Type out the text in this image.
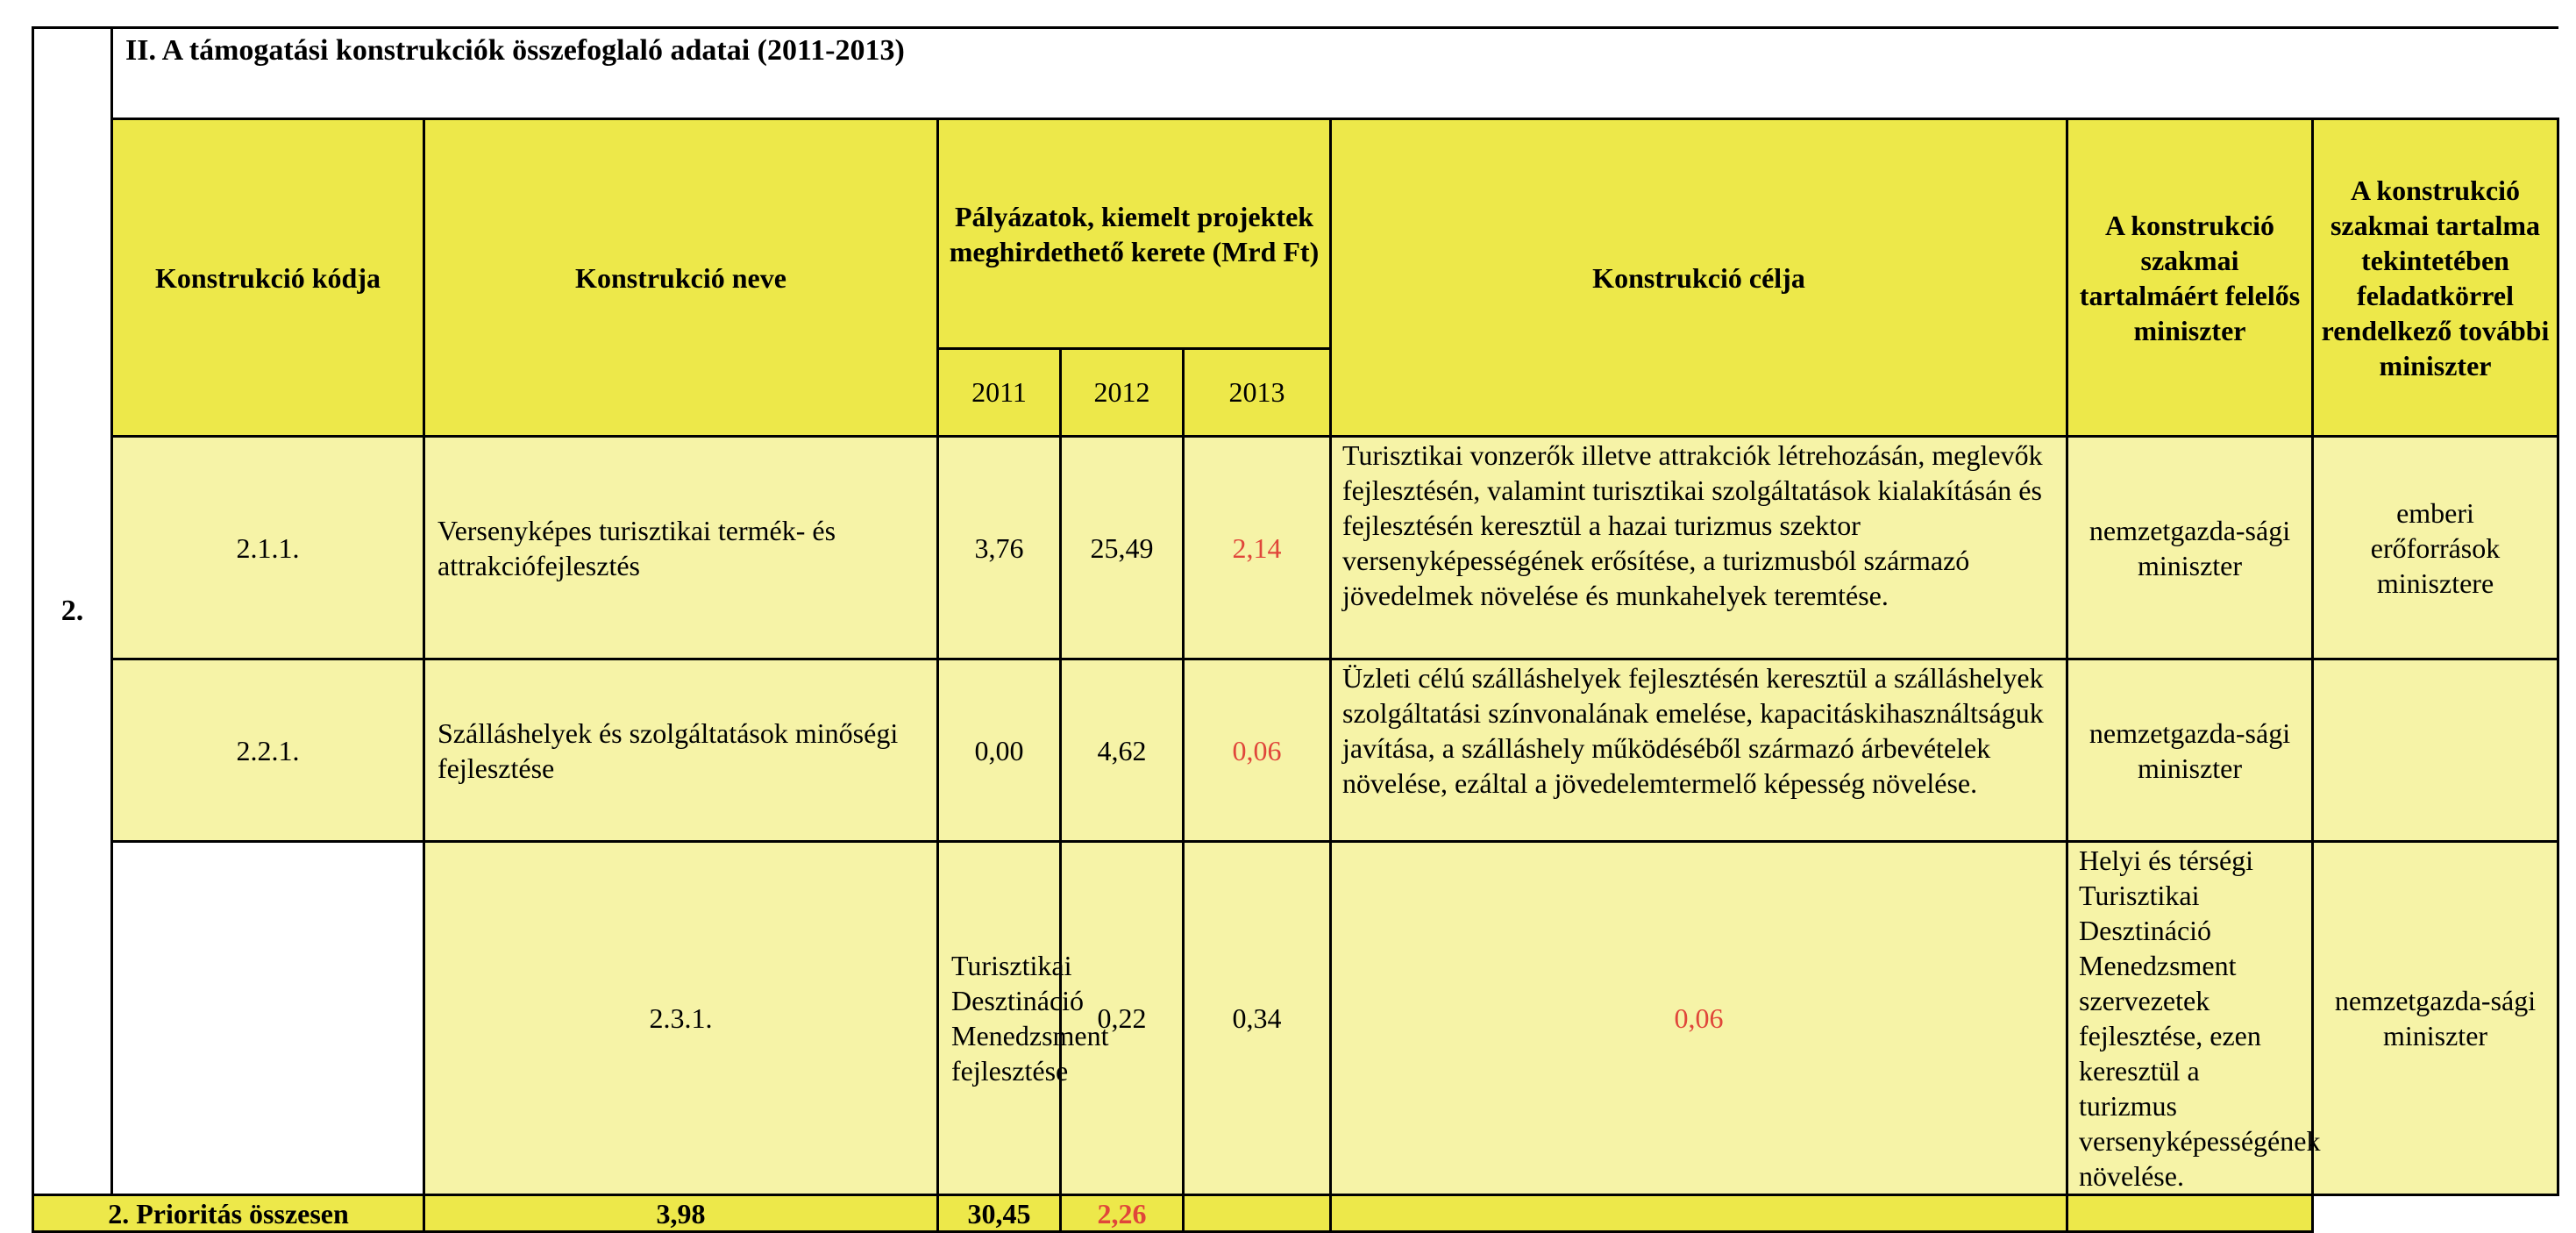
2.	II. A támogatási konstrukciók összefoglaló adatai (2011-2013)								
	Konstrukció kódja	Konstrukció neve	Pályázatok, kiemelt projektek meghirdethető kerete (Mrd Ft)			Konstrukció célja	A konstrukció szakmai tartalmáért felelős miniszter	A konstrukció szakmai tartalma tekintetében feladatkörrel rendelkező további miniszter	
			2011	2012	2013				
	2.1.1.	Versenyképes turisztikai termék- és attrakciófejlesztés	3,76	25,49	2,14	Turisztikai vonzerők illetve attrakciók létrehozásán, meglevők fejlesztésén, valamint turisztikai szolgáltatások kialakításán és fejlesztésén keresztül a hazai turizmus szektor versenyképességének erősítése, a turizmusból származó jövedelmek növelése és munkahelyek teremtése.	nemzetgazda-sági miniszter	emberi erőforrások minisztere	
	2.2.1.	Szálláshelyek és szolgáltatások minőségi fejlesztése	0,00	4,62	0,06	Üzleti célú szálláshelyek fejlesztésén keresztül a szálláshelyek szolgáltatási színvonalának emelése, kapacitáskihasználtságuk javítása, a szálláshely működéséből származó árbevételek növelése, ezáltal a jövedelemtermelő képesség növelése.	nemzetgazda-sági miniszter		
		2.3.1.	Turisztikai Desztináció Menedzsment fejlesztése	0,22	0,34	0,06	Helyi és térségi Turisztikai Desztináció Menedzsment szervezetek fejlesztése, ezen keresztül a turizmus versenyképességének növelése.	nemzetgazda-sági miniszter	
2. Prioritás összesen		3,98	30,45	2,26					
